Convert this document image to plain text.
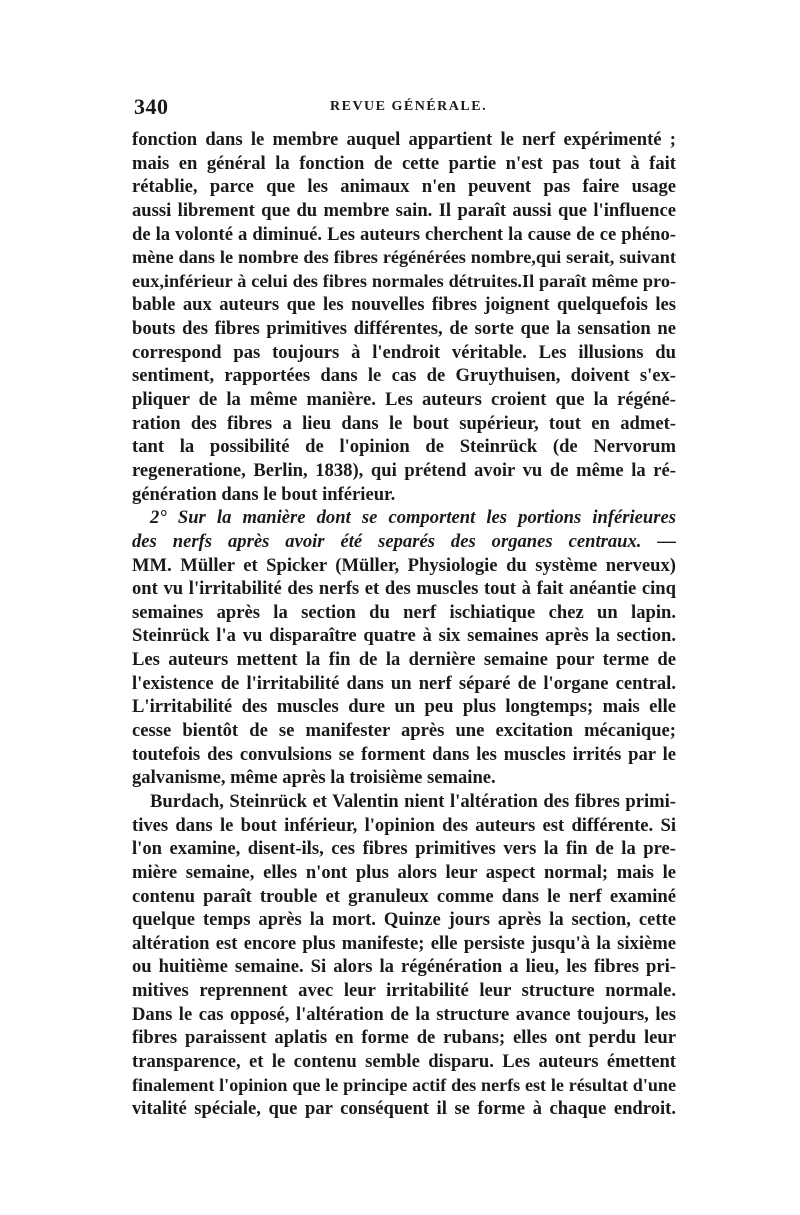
340	REVUE GÉNÉRALE.
fonction dans le membre auquel appartient le nerf expérimenté ;
mais en général la fonction de cette partie n'est pas tout à fait
rétablie, parce que les animaux n'en peuvent pas faire usage
aussi librement que du membre sain. Il paraît aussi que l'influence
de la volonté a diminué. Les auteurs cherchent la cause de ce phéno-
mène dans le nombre des fibres régénérées nombre,qui serait, suivant
eux,inférieur à celui des fibres normales détruites.Il paraît même pro-
bable aux auteurs que les nouvelles fibres joignent quelquefois les
bouts des fibres primitives différentes, de sorte que la sensation ne
correspond pas toujours à l'endroit véritable. Les illusions du
sentiment, rapportées dans le cas de Gruythuisen, doivent s'ex-
pliquer de la même manière. Les auteurs croient que la régéné-
ration des fibres a lieu dans le bout supérieur, tout en admet-
tant la possibilité de l'opinion de Steinrück (de Nervorum
regeneratione, Berlin, 1838), qui prétend avoir vu de même la ré-
génération dans le bout inférieur.
2° Sur la manière dont se comportent les portions inférieures
des nerfs après avoir été separés des organes centraux. —
MM. Müller et Spicker (Müller, Physiologie du système nerveux)
ont vu l'irritabilité des nerfs et des muscles tout à fait anéantie cinq
semaines après la section du nerf ischiatique chez un lapin.
Steinrück l'a vu disparaître quatre à six semaines après la section.
Les auteurs mettent la fin de la dernière semaine pour terme de
l'existence de l'irritabilité dans un nerf séparé de l'organe central.
L'irritabilité des muscles dure un peu plus longtemps; mais elle
cesse bientôt de se manifester après une excitation mécanique;
toutefois des convulsions se forment dans les muscles irrités par le
galvanisme, même après la troisième semaine.
Burdach, Steinrück et Valentin nient l'altération des fibres primi-
tives dans le bout inférieur, l'opinion des auteurs est différente. Si
l'on examine, disent-ils, ces fibres primitives vers la fin de la pre-
mière semaine, elles n'ont plus alors leur aspect normal; mais le
contenu paraît trouble et granuleux comme dans le nerf examiné
quelque temps après la mort. Quinze jours après la section, cette
altération est encore plus manifeste; elle persiste jusqu'à la sixième
ou huitième semaine. Si alors la régénération a lieu, les fibres pri-
mitives reprennent avec leur irritabilité leur structure normale.
Dans le cas opposé, l'altération de la structure avance toujours, les
fibres paraissent aplatis en forme de rubans; elles ont perdu leur
transparence, et le contenu semble disparu. Les auteurs émettent
finalement l'opinion que le principe actif des nerfs est le résultat d'une
vitalité spéciale, que par conséquent il se forme à chaque endroit.
